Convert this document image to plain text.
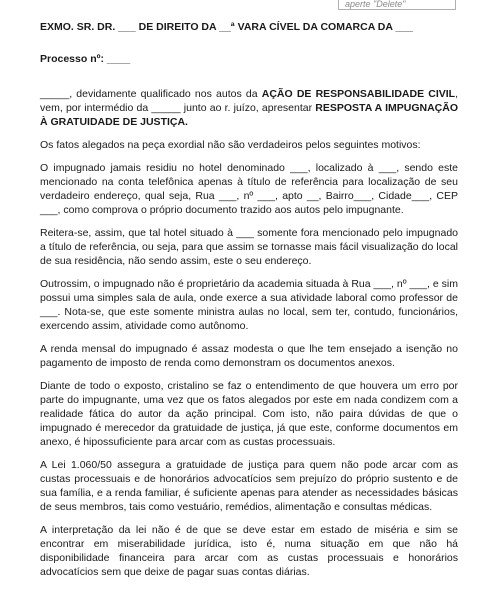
aperte "Delete"

EXMO. SR. DR. ___ DE DIREITO DA __ª VARA CÍVEL DA COMARCA DA ___

Processo nº: ____

_____, devidamente qualificado nos autos da AÇÃO DE RESPONSABILIDADE CIVIL, vem, por intermédio da _____ junto ao r. juízo, apresentar RESPOSTA A IMPUGNAÇÃO À GRATUIDADE DE JUSTIÇA.

Os fatos alegados na peça exordial não são verdadeiros pelos seguintes motivos:

O impugnado jamais residiu no hotel denominado ___, localizado à ___, sendo este mencionado na conta telefônica apenas à título de referência para localização de seu verdadeiro endereço, qual seja, Rua ___, nº ___, apto __, Bairro___, Cidade___, CEP ___, como comprova o próprio documento trazido aos autos pelo impugnante.

Reitera-se, assim, que tal hotel situado à ___ somente fora mencionado pelo impugnado a título de referência, ou seja, para que assim se tornasse mais fácil visualização do local de sua residência, não sendo assim, este o seu endereço.

Outrossim, o impugnado não é proprietário da academia situada à Rua ___, nº ___, e sim possui uma simples sala de aula, onde exerce a sua atividade laboral como professor de ___. Nota-se, que este somente ministra aulas no local, sem ter, contudo, funcionários, exercendo assim, atividade como autônomo.

A renda mensal do impugnado é assaz modesta o que lhe tem ensejado a isenção no pagamento de imposto de renda como demonstram os documentos anexos.

Diante de todo o exposto, cristalino se faz o entendimento de que houvera um erro por parte do impugnante, uma vez que os fatos alegados por este em nada condizem com a realidade fática do autor da ação principal. Com isto, não paira dúvidas de que o impugnado é merecedor da gratuidade de justiça, já que este, conforme documentos em anexo, é hipossuficiente para arcar com as custas processuais.

A Lei 1.060/50 assegura a gratuidade de justiça para quem não pode arcar com as custas processuais e de honorários advocatícios sem prejuízo do próprio sustento e de sua família, e a renda familiar, é suficiente apenas para atender as necessidades básicas de seus membros, tais como vestuário, remédios, alimentação e consultas médicas.

A interpretação da lei não é de que se deve estar em estado de miséria e sim se encontrar em miserabilidade jurídica, isto é, numa situação em que não há disponibilidade financeira para arcar com as custas processuais e honorários advocatícios sem que deixe de pagar suas contas diárias.
